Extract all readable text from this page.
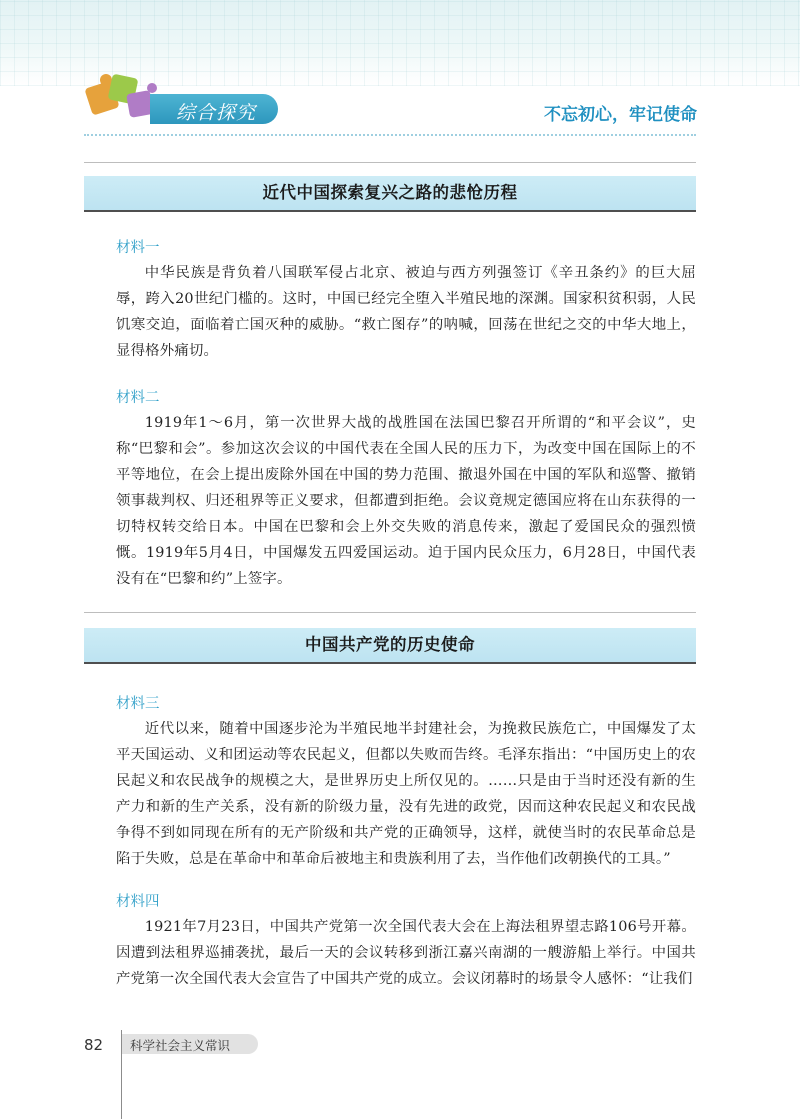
综合探究	不忘初心，牢记使命
近代中国探索复兴之路的悲怆历程
材料一
中华民族是背负着八国联军侵占北京、被迫与西方列强签订《辛丑条约》的巨大屈辱，跨入20世纪门槛的。这时，中国已经完全堕入半殖民地的深渊。国家积贫积弱，人民饥寒交迫，面临着亡国灭种的威胁。“救亡图存”的呐喊，回荡在世纪之交的中华大地上，显得格外痛切。
材料二
1919年1～6月，第一次世界大战的战胜国在法国巴黎召开所谓的“和平会议”，史称“巴黎和会”。参加这次会议的中国代表在全国人民的压力下，为改变中国在国际上的不平等地位，在会上提出废除外国在中国的势力范围、撤退外国在中国的军队和巡警、撤销领事裁判权、归还租界等正义要求，但都遭到拒绝。会议竟规定德国应将在山东获得的一切特权转交给日本。中国在巴黎和会上外交失败的消息传来，激起了爱国民众的强烈愤慨。1919年5月4日，中国爆发五四爱国运动。迫于国内民众压力，6月28日，中国代表没有在“巴黎和约”上签字。
中国共产党的历史使命
材料三
近代以来，随着中国逐步沦为半殖民地半封建社会，为挽救民族危亡，中国爆发了太平天国运动、义和团运动等农民起义，但都以失败而告终。毛泽东指出：“中国历史上的农民起义和农民战争的规模之大，是世界历史上所仅见的。……只是由于当时还没有新的生产力和新的生产关系，没有新的阶级力量，没有先进的政党，因而这种农民起义和农民战争得不到如同现在所有的无产阶级和共产党的正确领导，这样，就使当时的农民革命总是陷于失败，总是在革命中和革命后被地主和贵族利用了去，当作他们改朝换代的工具。”
材料四
1921年7月23日，中国共产党第一次全国代表大会在上海法租界望志路106号开幕。因遭到法租界巡捕袭扰，最后一天的会议转移到浙江嘉兴南湖的一艘游船上举行。中国共产党第一次全国代表大会宣告了中国共产党的成立。会议闭幕时的场景令人感怀：“让我们
82 科学社会主义常识
